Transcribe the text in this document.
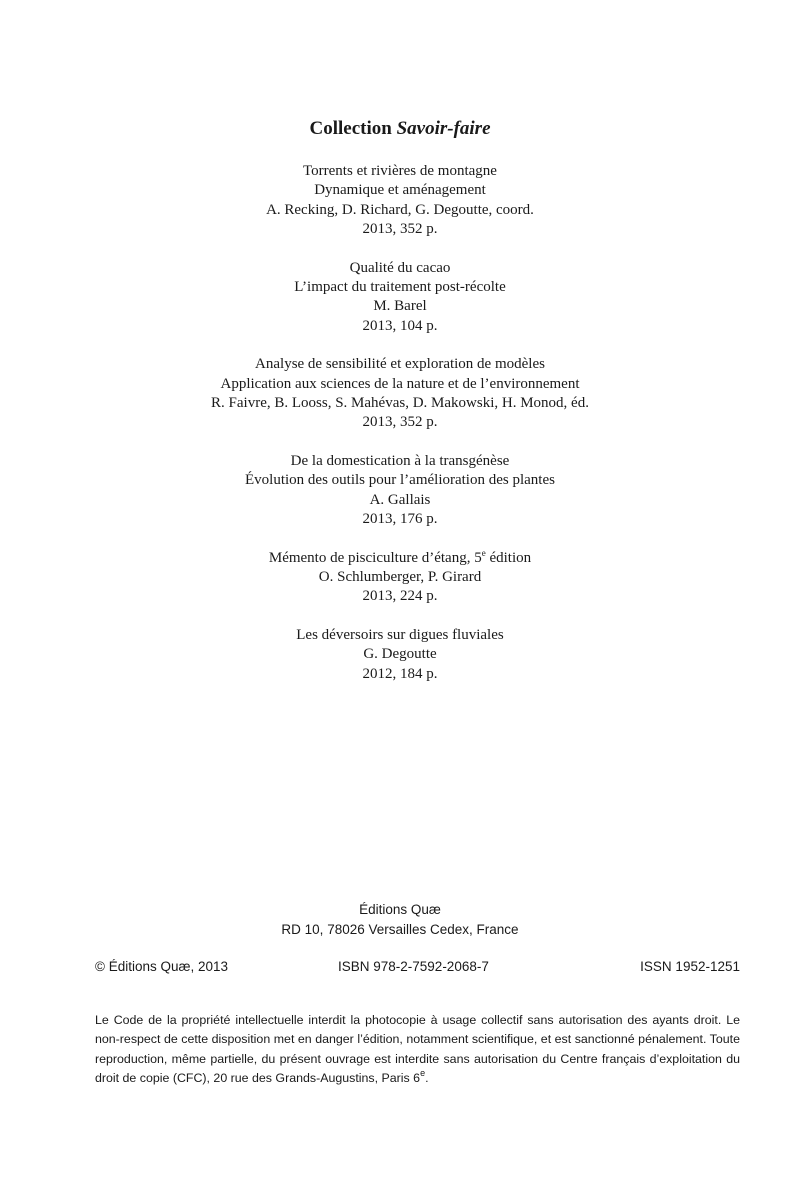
Collection Savoir-faire
Torrents et rivières de montagne
Dynamique et aménagement
A. Recking, D. Richard, G. Degoutte, coord.
2013, 352 p.
Qualité du cacao
L’impact du traitement post-récolte
M. Barel
2013, 104 p.
Analyse de sensibilité et exploration de modèles
Application aux sciences de la nature et de l’environnement
R. Faivre, B. Looss, S. Mahévas, D. Makowski, H. Monod, éd.
2013, 352 p.
De la domestication à la transgénèse
Évolution des outils pour l’amélioration des plantes
A. Gallais
2013, 176 p.
Mémento de pisciculture d’étang, 5e édition
O. Schlumberger, P. Girard
2013, 224 p.
Les déversoirs sur digues fluviales
G. Degoutte
2012, 184 p.
Éditions Quæ
RD 10, 78026 Versailles Cedex, France
© Éditions Quæ, 2013	ISBN 978-2-7592-2068-7	ISSN 1952-1251
Le Code de la propriété intellectuelle interdit la photocopie à usage collectif sans autorisation des ayants droit. Le non-respect de cette disposition met en danger l’édition, notamment scientifique, et est sanctionné pénalement. Toute reproduction, même partielle, du présent ouvrage est interdite sans autorisation du Centre français d’exploitation du droit de copie (CFC), 20 rue des Grands-Augustins, Paris 6e.
